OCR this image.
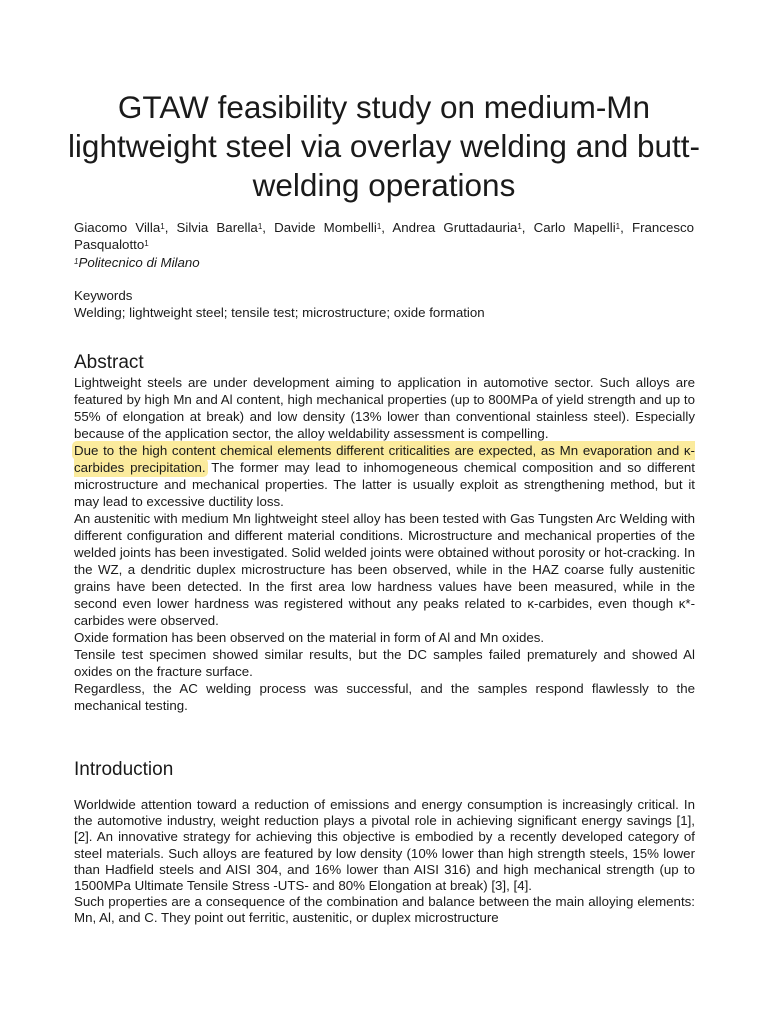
GTAW feasibility study on medium-Mn lightweight steel via overlay welding and butt-welding operations
Giacomo Villa$^1$, Silvia Barella$^1$, Davide Mombelli$^1$, Andrea Gruttadauria$^1$, Carlo Mapelli$^1$, Francesco Pasqualotto$^1$
$^1$Politecnico di Milano
Keywords
Welding; lightweight steel; tensile test; microstructure; oxide formation
Abstract

Lightweight steels are under development aiming to application in automotive sector. Such alloys are featured by high Mn and Al content, high mechanical properties (up to 800MPa of yield strength and up to 55% of elongation at break) and low density (13% lower than conventional stainless steel). Especially because of the application sector, the alloy weldability assessment is compelling.

Due to the high content chemical elements different criticalities are expected, as Mn evaporation and κ-carbides precipitation. The former may lead to inhomogeneous chemical composition and so different microstructure and mechanical properties. The latter is usually exploit as strengthening method, but it may lead to excessive ductility loss.

An austenitic with medium Mn lightweight steel alloy has been tested with Gas Tungsten Arc Welding with different configuration and different material conditions. Microstructure and mechanical properties of the welded joints has been investigated. Solid welded joints were obtained without porosity or hot-cracking. In the WZ, a dendritic duplex microstructure has been observed, while in the HAZ coarse fully austenitic grains have been detected. In the first area low hardness values have been measured, while in the second even lower hardness was registered without any peaks related to κ-carbides, even though κ*-carbides were observed.

Oxide formation has been observed on the material in form of Al and Mn oxides.

Tensile test specimen showed similar results, but the DC samples failed prematurely and showed Al oxides on the fracture surface.

Regardless, the AC welding process was successful, and the samples respond flawlessly to the mechanical testing.

Introduction

Worldwide attention toward a reduction of emissions and energy consumption is increasingly critical. In the automotive industry, weight reduction plays a pivotal role in achieving significant energy savings [1], [2]. An innovative strategy for achieving this objective is embodied by a recently developed category of steel materials. Such alloys are featured by low density (10% lower than high strength steels, 15% lower than Hadfield steels and AISI 304, and 16% lower than AISI 316) and high mechanical strength (up to 1500MPa Ultimate Tensile Stress -UTS- and 80% Elongation at break) [3], [4].

Such properties are a consequence of the combination and balance between the main alloying elements: Mn, Al, and C. They point out ferritic, austenitic, or duplex microstructure
